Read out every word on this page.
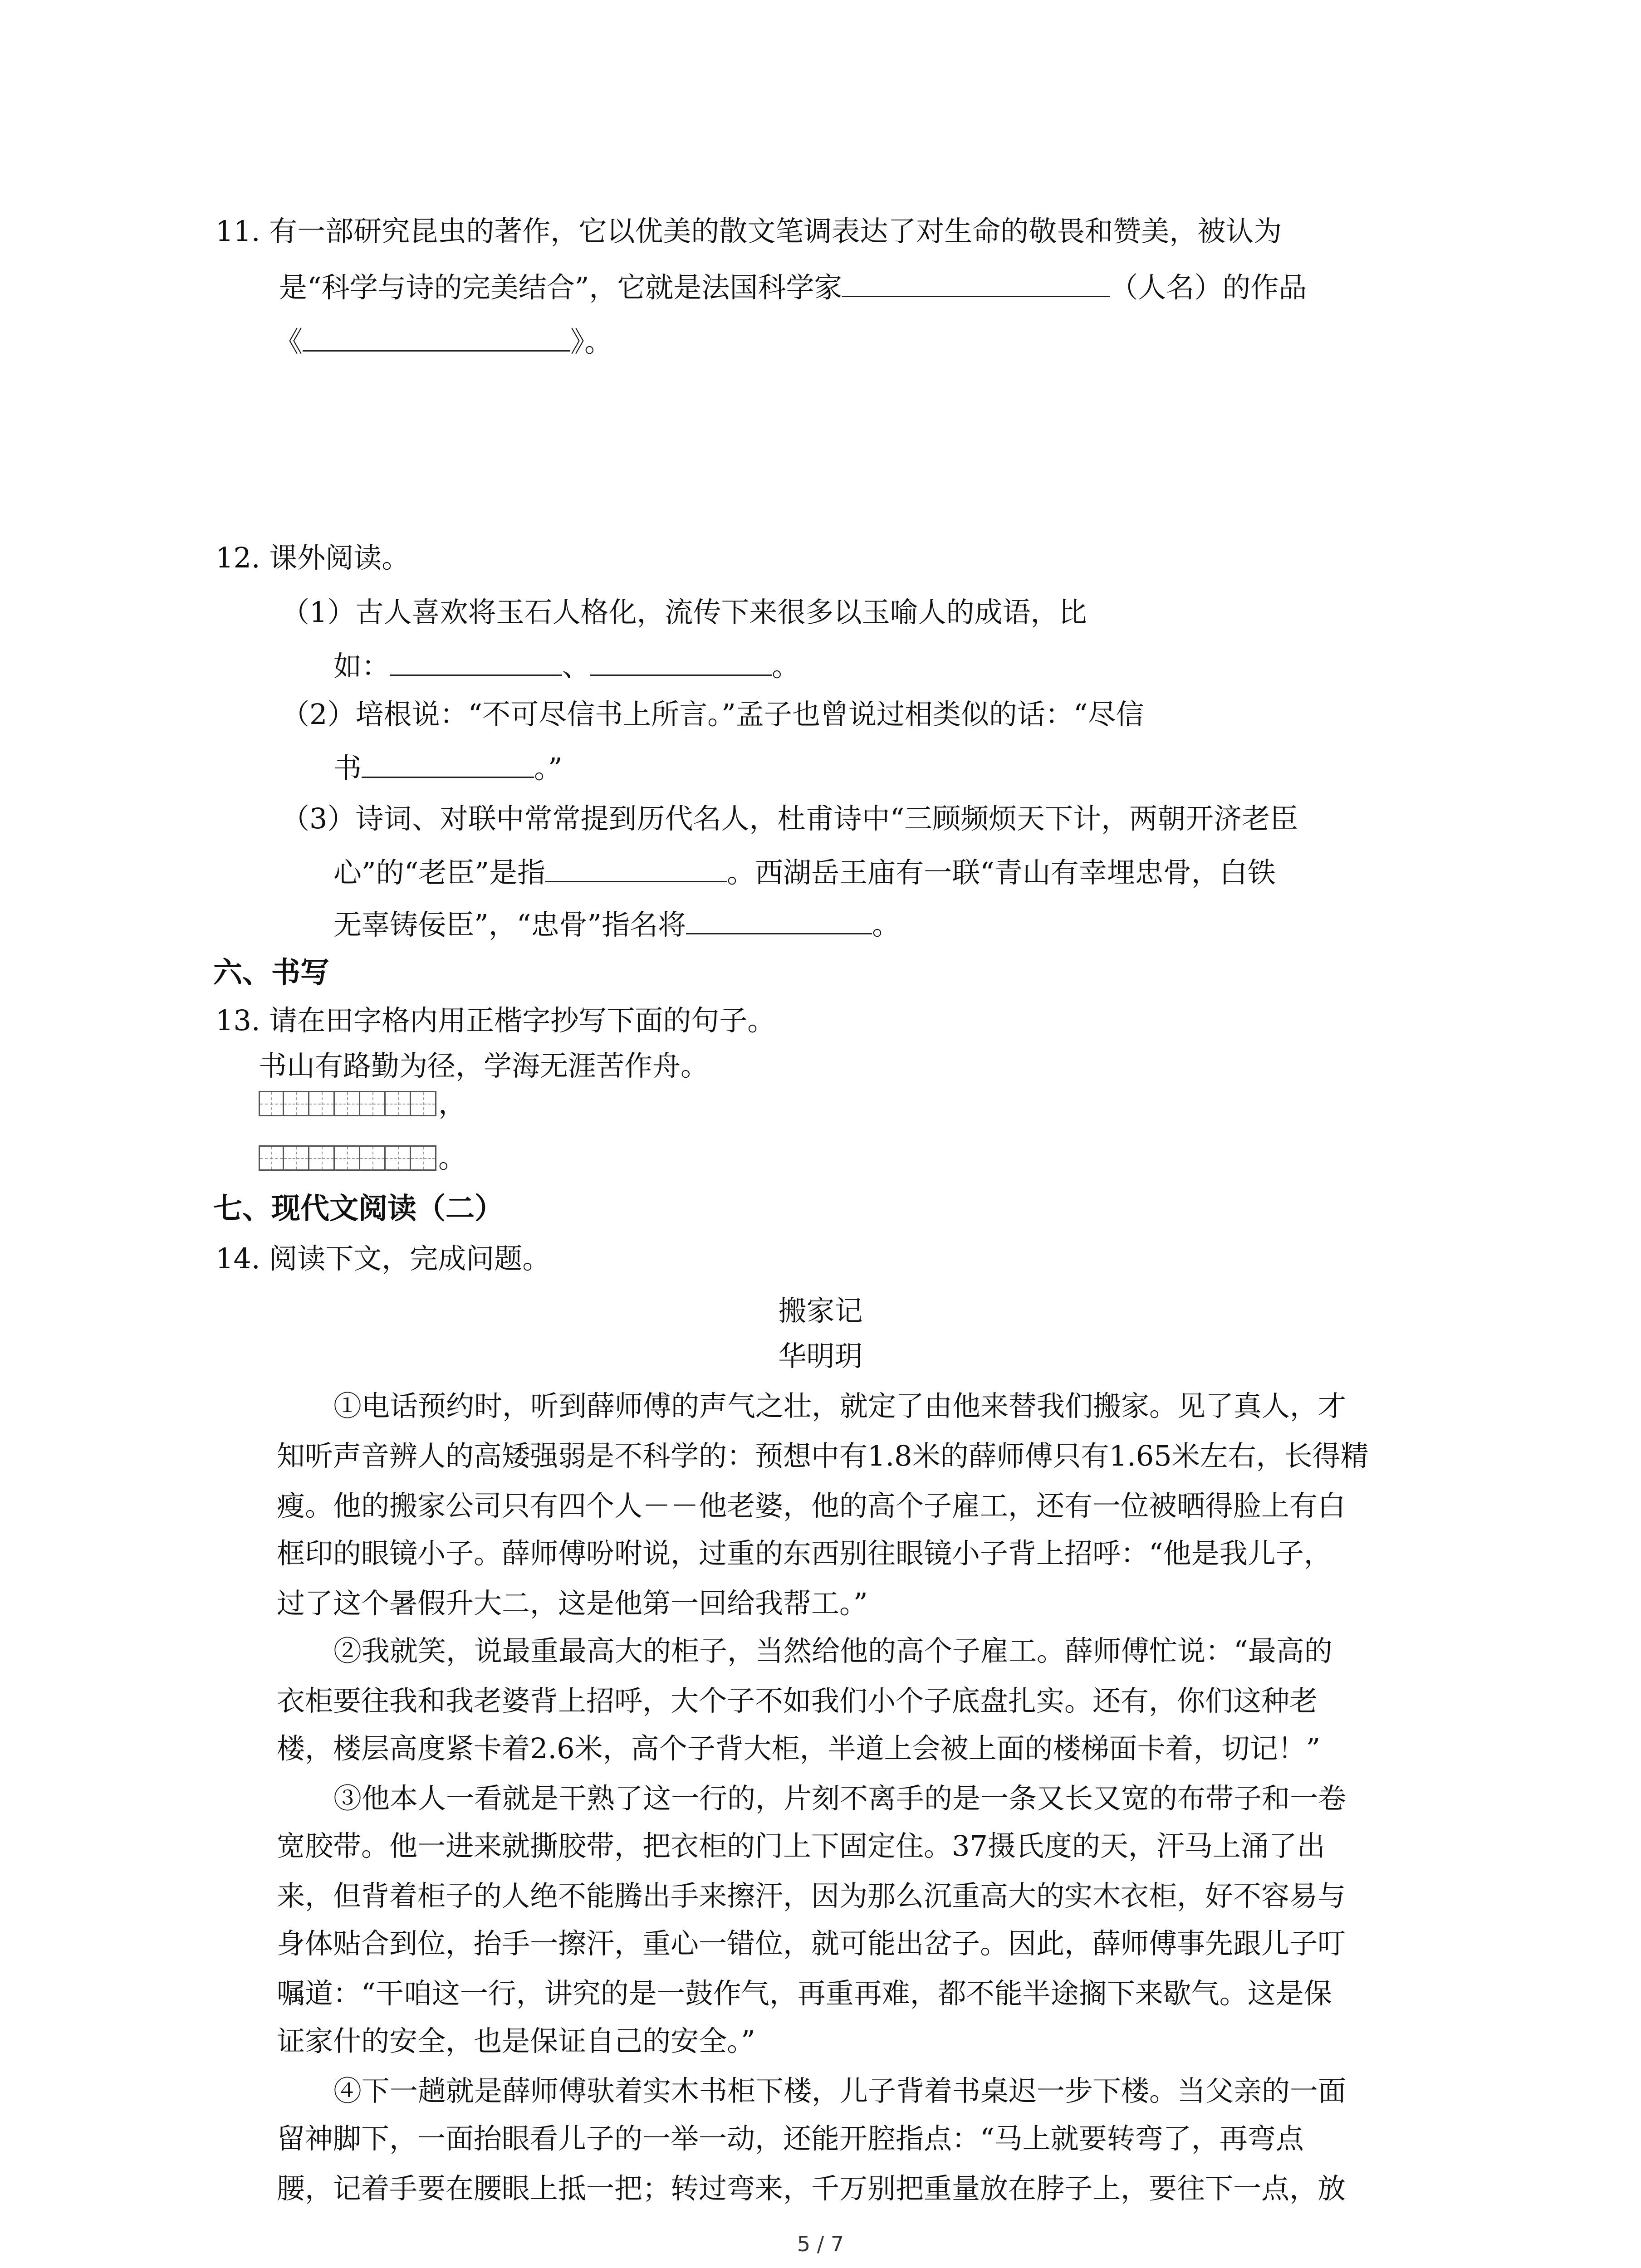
11. 有一部研究昆虫的著作，它以优美的散文笔调表达了对生命的敬畏和赞美，被认为
是“科学与诗的完美结合”，它就是法国科学家	（人名）的作品
《	》。
12. 课外阅读。
（1）古人喜欢将玉石人格化，流传下来很多以玉喻人的成语，比
如：	、	。
（2）培根说：“不可尽信书上所言。”孟子也曾说过相类似的话：“尽信
书	。”
（3）诗词、对联中常常提到历代名人，杜甫诗中“三顾频烦天下计，两朝开济老臣
心”的“老臣”是指	。西湖岳王庙有一联“青山有幸埋忠骨，白铁
无辜铸佞臣”，“忠骨”指名将	。
六、书写
13. 请在田字格内用正楷字抄写下面的句子。
书山有路勤为径，学海无涯苦作舟。
，
。
七、现代文阅读（二）
14. 阅读下文，完成问题。
搬家记
华明玥
①电话预约时，听到薛师傅的声气之壮，就定了由他来替我们搬家。见了真人，才
知听声音辨人的高矮强弱是不科学的：预想中有1.8米的薛师傅只有1.65米左右，长得精
瘦。他的搬家公司只有四个人－－他老婆，他的高个子雇工，还有一位被晒得脸上有白
框印的眼镜小子。薛师傅吩咐说，过重的东西别往眼镜小子背上招呼：“他是我儿子，
过了这个暑假升大二，这是他第一回给我帮工。”
②我就笑，说最重最高大的柜子，当然给他的高个子雇工。薛师傅忙说：“最高的
衣柜要往我和我老婆背上招呼，大个子不如我们小个子底盘扎实。还有，你们这种老
楼，楼层高度紧卡着2.6米，高个子背大柜，半道上会被上面的楼梯面卡着，切记！”
③他本人一看就是干熟了这一行的，片刻不离手的是一条又长又宽的布带子和一卷
宽胶带。他一进来就撕胶带，把衣柜的门上下固定住。37摄氏度的天，汗马上涌了出
来，但背着柜子的人绝不能腾出手来擦汗，因为那么沉重高大的实木衣柜，好不容易与
身体贴合到位，抬手一擦汗，重心一错位，就可能出岔子。因此，薛师傅事先跟儿子叮
嘱道：“干咱这一行，讲究的是一鼓作气，再重再难，都不能半途搁下来歇气。这是保
证家什的安全，也是保证自己的安全。”
④下一趟就是薛师傅驮着实木书柜下楼，儿子背着书桌迟一步下楼。当父亲的一面
留神脚下，一面抬眼看儿子的一举一动，还能开腔指点：“马上就要转弯了，再弯点
腰，记着手要在腰眼上抵一把；转过弯来，千万别把重量放在脖子上，要往下一点，放
5 / 7
